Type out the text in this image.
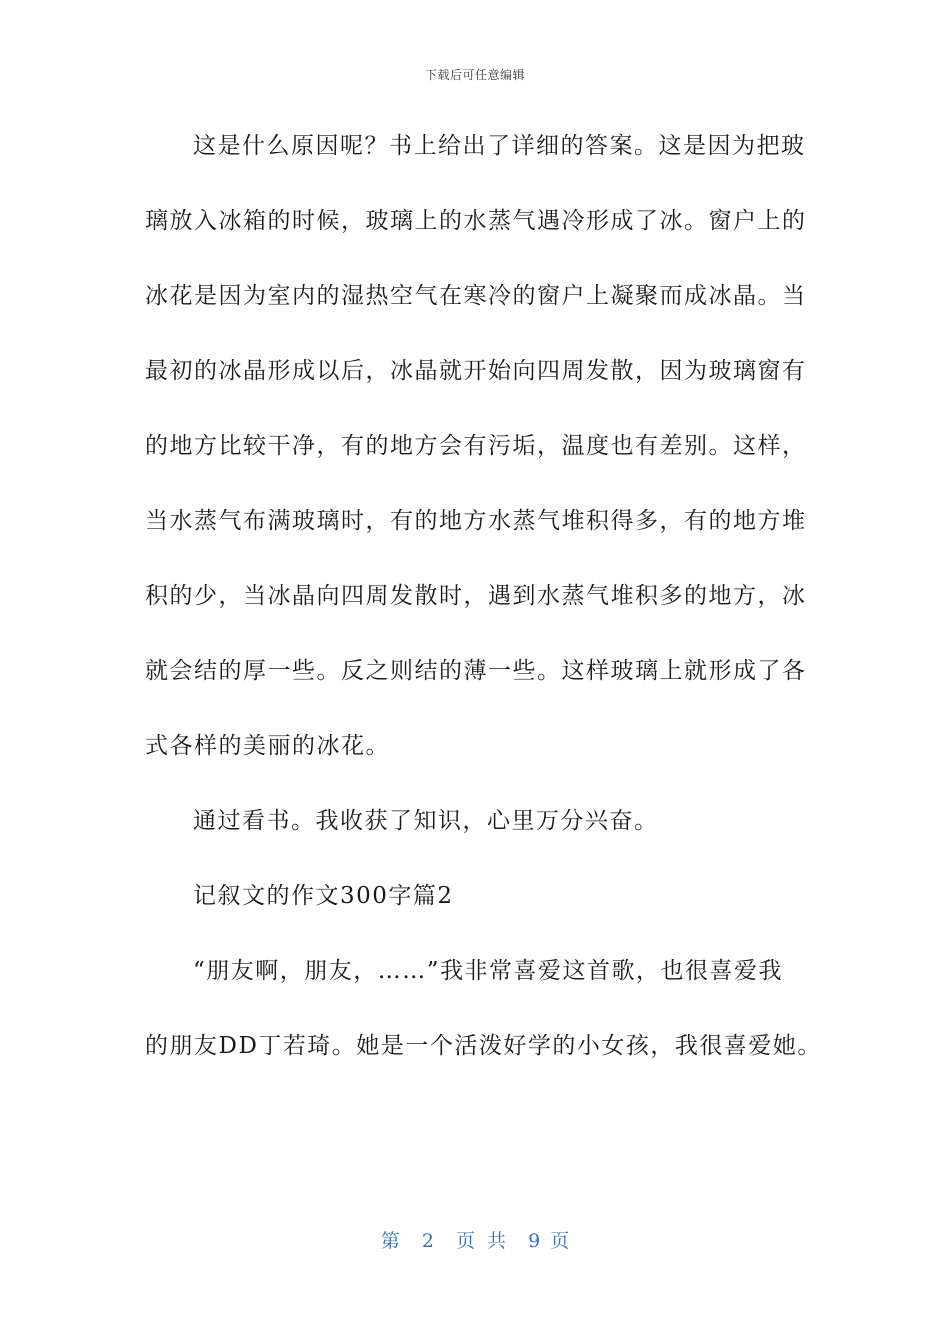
下载后可任意编辑
这是什么原因呢？书上给出了详细的答案。这是因为把玻
璃放入冰箱的时候，玻璃上的水蒸气遇冷形成了冰。窗户上的
冰花是因为室内的湿热空气在寒冷的窗户上凝聚而成冰晶。当
最初的冰晶形成以后，冰晶就开始向四周发散，因为玻璃窗有
的地方比较干净，有的地方会有污垢，温度也有差别。这样，
当水蒸气布满玻璃时，有的地方水蒸气堆积得多，有的地方堆
积的少，当冰晶向四周发散时，遇到水蒸气堆积多的地方，冰
就会结的厚一些。反之则结的薄一些。这样玻璃上就形成了各
式各样的美丽的冰花。
通过看书。我收获了知识，心里万分兴奋。
记叙文的作文300字篇2
“朋友啊，朋友，……”我非常喜爱这首歌，也很喜爱我
的朋友DD丁若琦。她是一个活泼好学的小女孩，我很喜爱她。
第 2 页 共 9 页
